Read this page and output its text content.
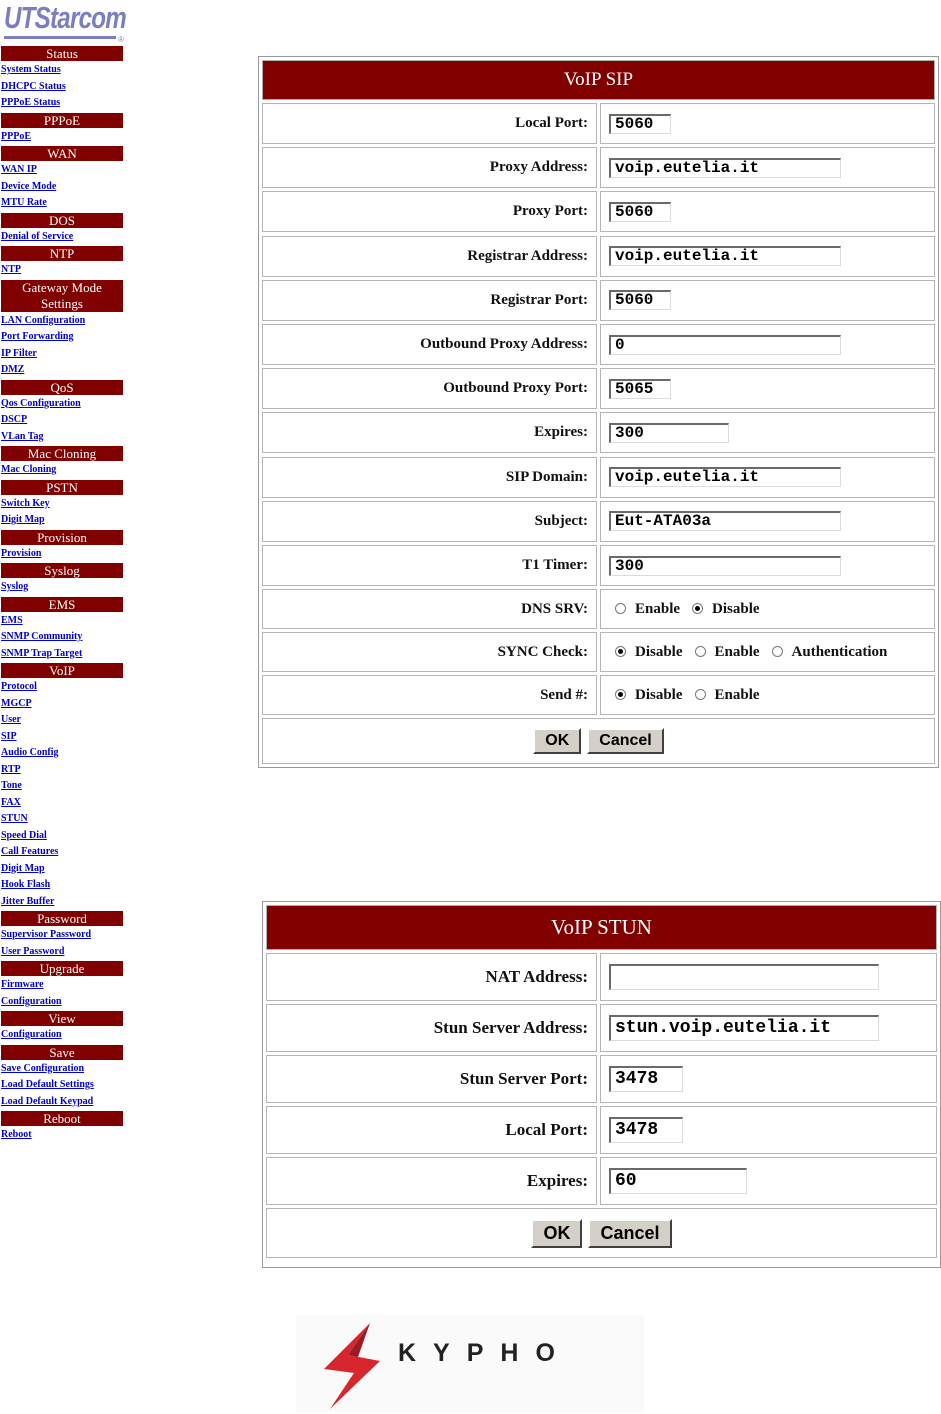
UTStarcom
®
Status
System Status
DHCPC Status
PPPoE Status
PPPoE
PPPoE
WAN
WAN IP
Device Mode
MTU Rate
DOS
Denial of Service
NTP
NTP
Gateway Mode Settings
LAN Configuration
Port Forwarding
IP Filter
DMZ
QoS
Qos Configuration
DSCP
VLan Tag
Mac Cloning
Mac Cloning
PSTN
Switch Key
Digit Map
Provision
Provision
Syslog
Syslog
EMS
EMS
SNMP Community
SNMP Trap Target
VoIP
Protocol
MGCP
User
SIP
Audio Config
RTP
Tone
FAX
STUN
Speed Dial
Call Features
Digit Map
Hook Flash
Jitter Buffer
Password
Supervisor Password
User Password
Upgrade
Firmware
Configuration
View
Configuration
Save
Save Configuration
Load Default Settings
Load Default Keypad
Reboot
Reboot
VoIP SIP
Local Port:	5060
Proxy Address:	voip.eutelia.it
Proxy Port:	5060
Registrar Address:	voip.eutelia.it
Registrar Port:	5060
Outbound Proxy Address:	0
Outbound Proxy Port:	5065
Expires:	300
SIP Domain:	voip.eutelia.it
Subject:	Eut-ATA03a
T1 Timer:	300
DNS SRV:	Enable	Disable
SYNC Check:	Disable	Enable	Authentication
Send #:	Disable	Enable
OK	Cancel
VoIP STUN
NAT Address:
Stun Server Address:	stun.voip.eutelia.it
Stun Server Port:	3478
Local Port:	3478
Expires:	60
OK	Cancel
KYPHO
